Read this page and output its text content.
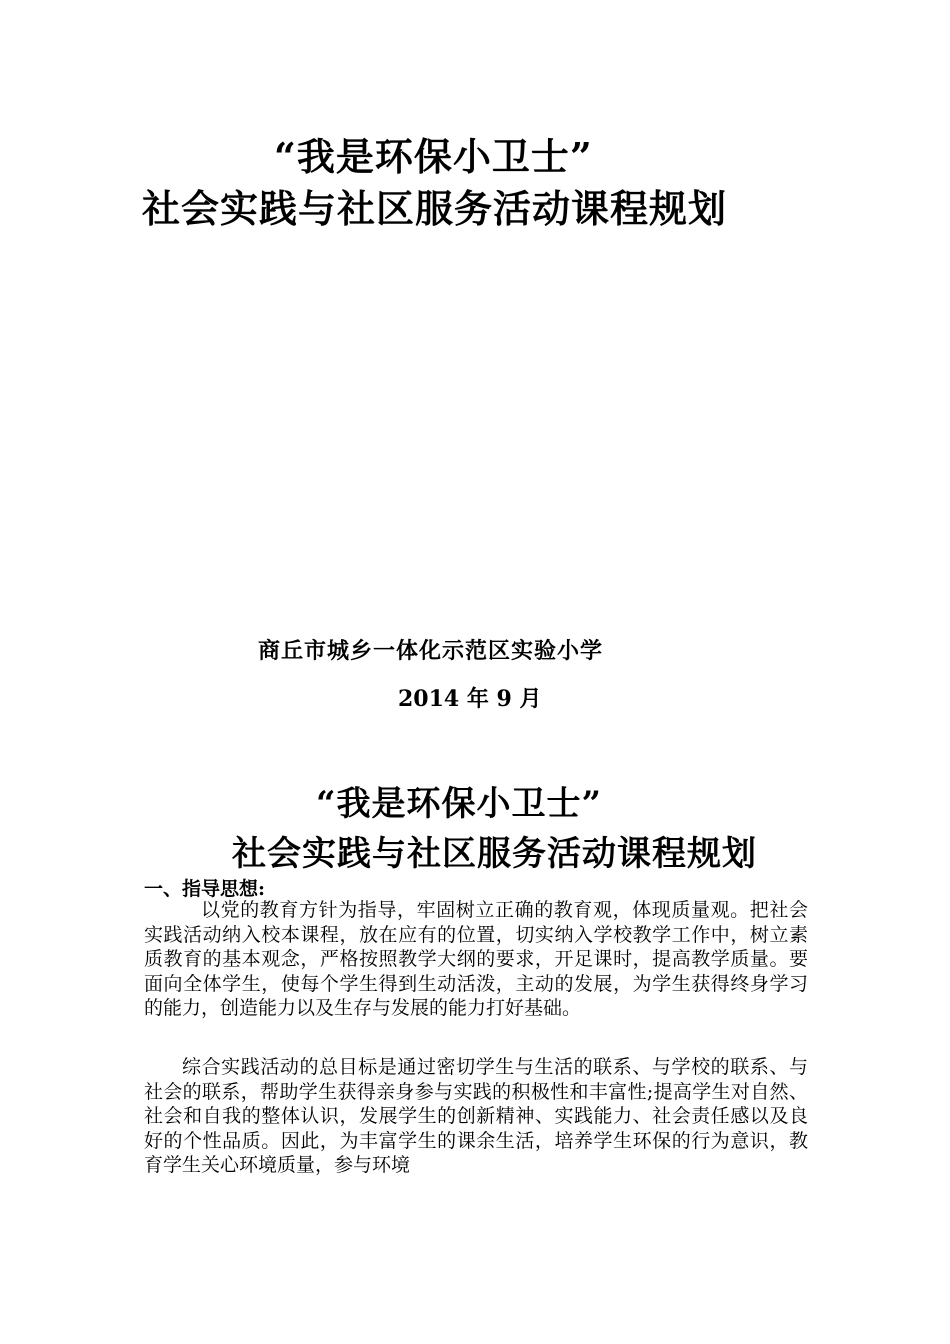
“我是环保小卫士”
社会实践与社区服务活动课程规划
商丘市城乡一体化示范区实验小学
2014 年 9 月
“我是环保小卫士”
社会实践与社区服务活动课程规划
一、指导思想:

以党的教育方针为指导，牢固树立正确的教育观，体现质量观。把社会实践活动纳入校本课程，放在应有的位置，切实纳入学校教学工作中，树立素质教育的基本观念，严格按照教学大纲的要求，开足课时，提高教学质量。要面向全体学生，使每个学生得到生动活泼，主动的发展，为学生获得终身学习的能力，创造能力以及生存与发展的能力打好基础。

综合实践活动的总目标是通过密切学生与生活的联系、与学校的联系、与社会的联系，帮助学生获得亲身参与实践的积极性和丰富性;提高学生对自然、社会和自我的整体认识，发展学生的创新精神、实践能力、社会责任感以及良好的个性品质。因此，为丰富学生的课余生活，培养学生环保的行为意识，教育学生关心环境质量，参与环境
